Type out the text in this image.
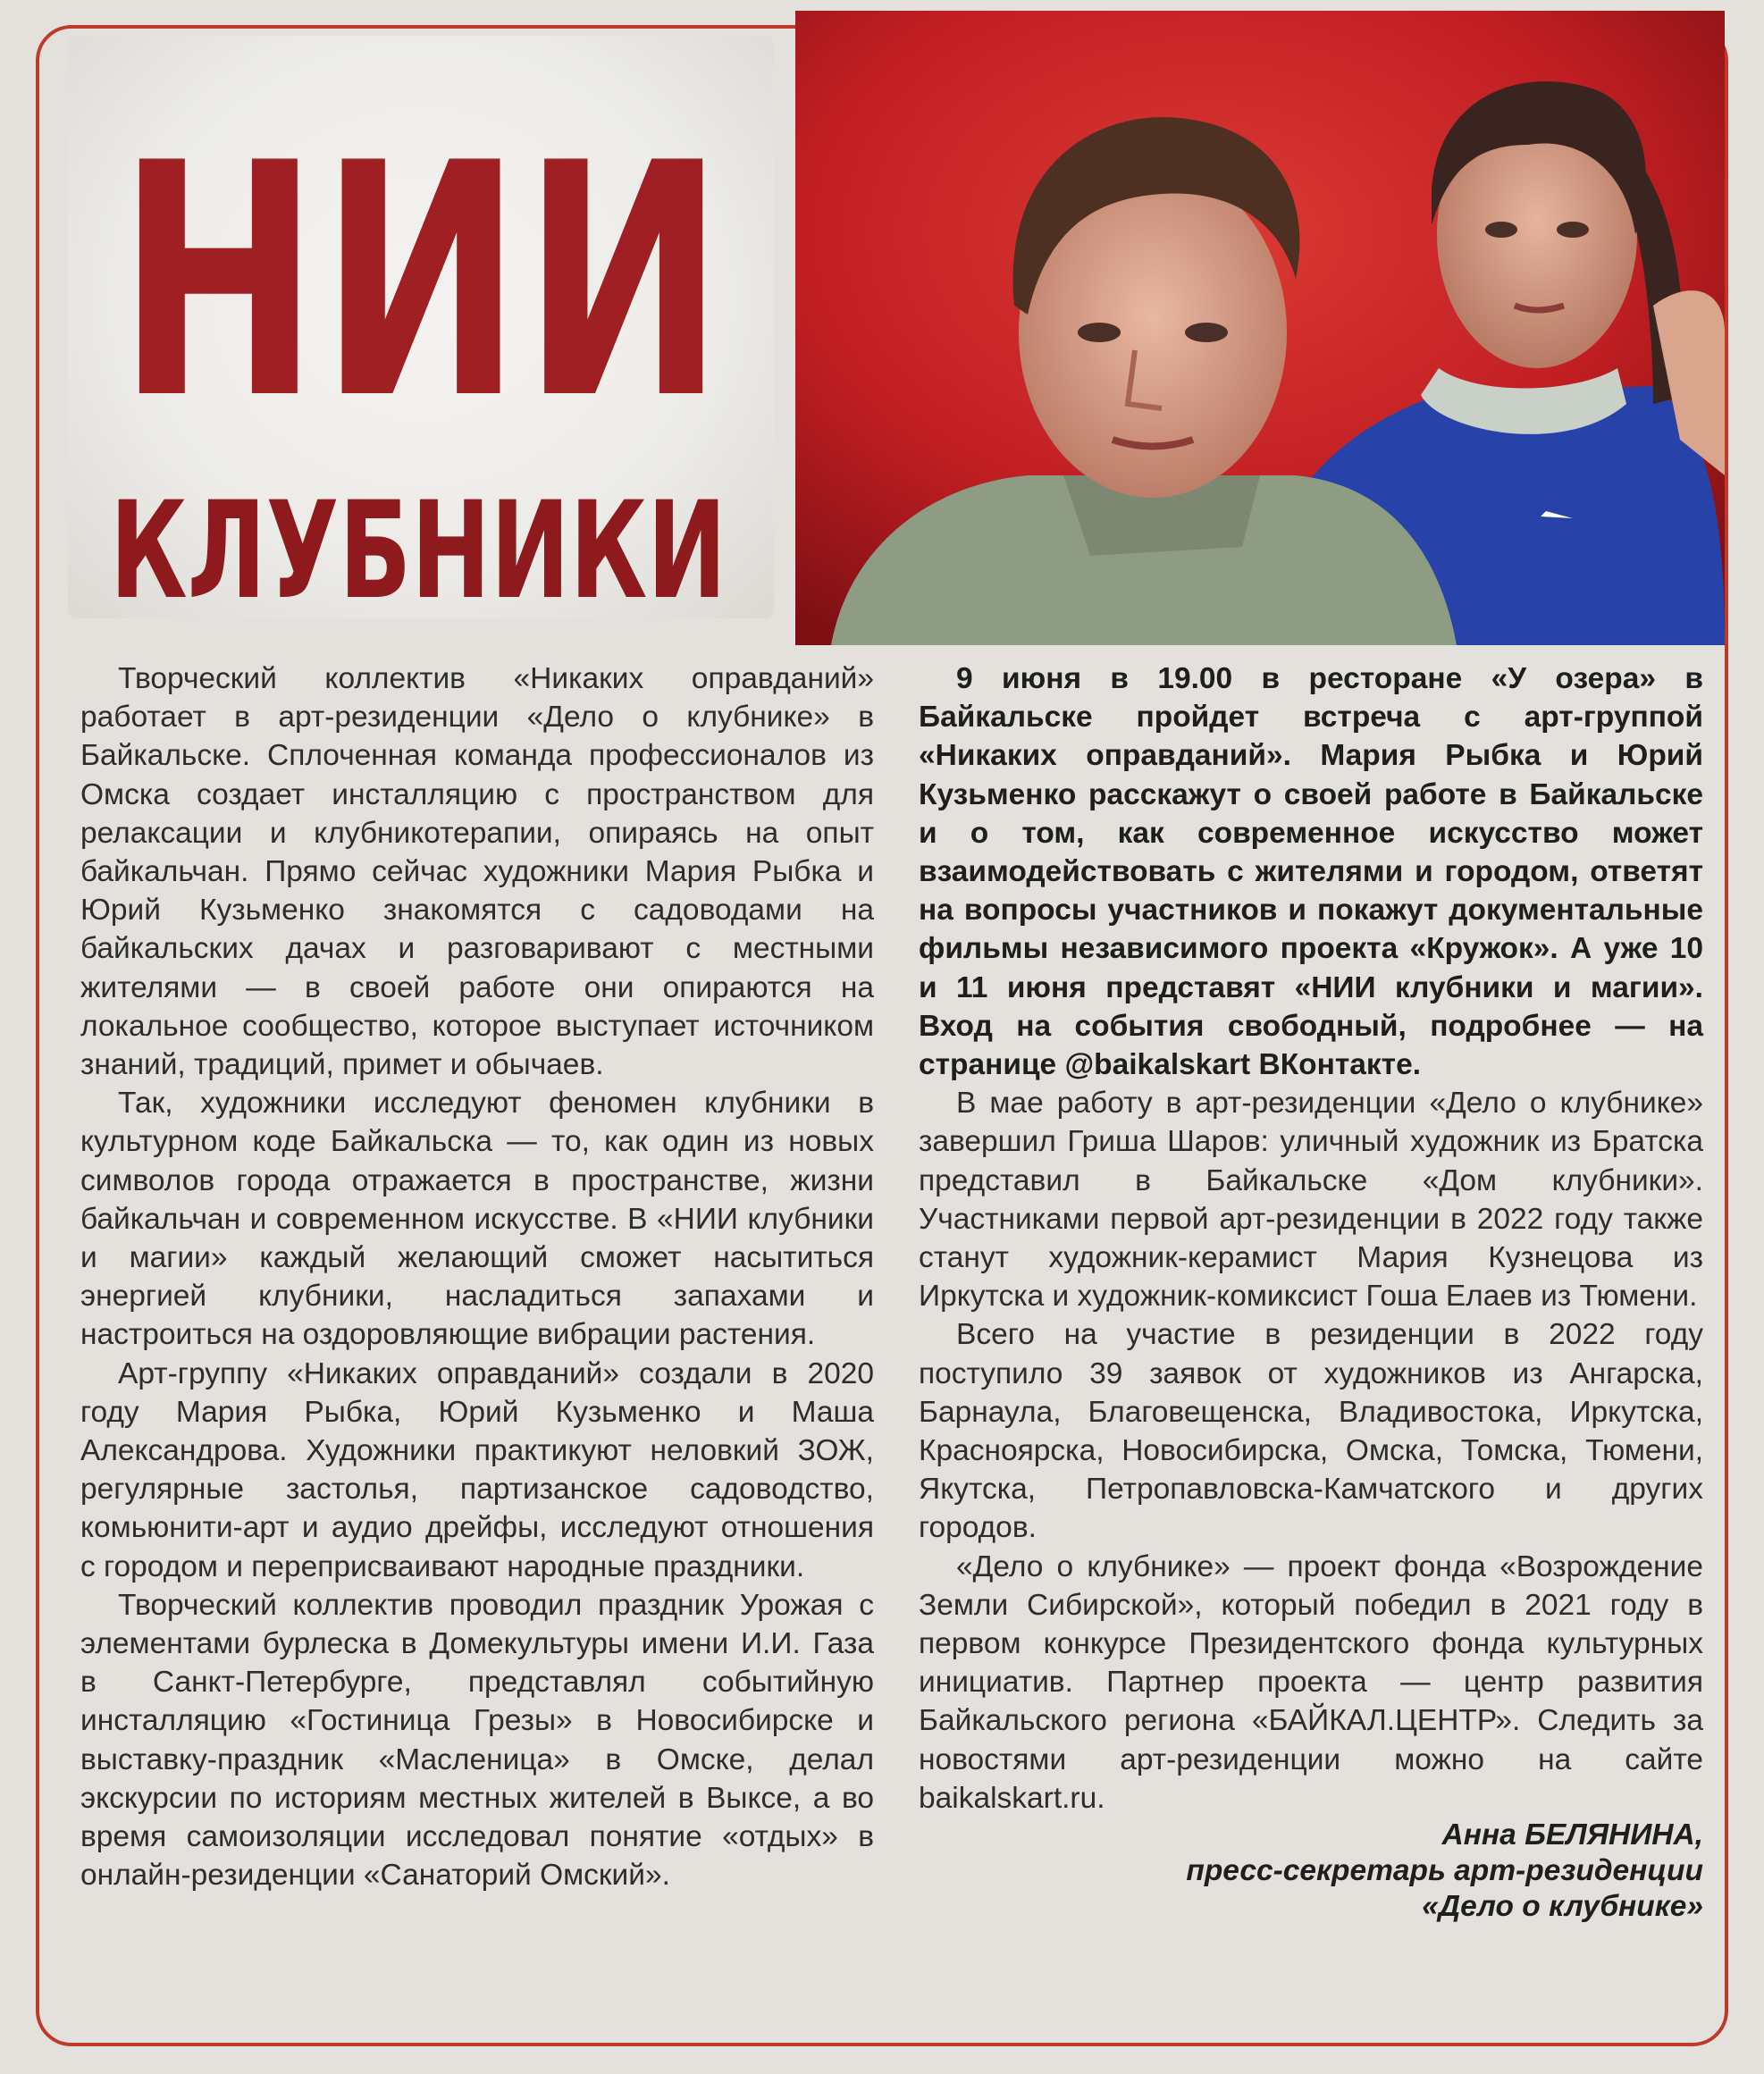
НИИ
КЛУБНИКИ

Творческий коллектив «Никаких оправданий» работает в арт-резиденции «Дело о клубнике» в Байкальске. Сплоченная команда профессионалов из Омска создает инсталляцию с пространством для релаксации и клубникотерапии, опираясь на опыт байкальчан. Прямо сейчас художники Мария Рыбка и Юрий Кузьменко знакомятся с садоводами на байкальских дачах и разговаривают с местными жителями — в своей работе они опираются на локальное сообщество, которое выступает источником знаний, традиций, примет и обычаев.

Так, художники исследуют феномен клубники в культурном коде Байкальска — то, как один из новых символов города отражается в пространстве, жизни байкальчан и современном искусстве. В «НИИ клубники и магии» каждый желающий сможет насытиться энергией клубники, насладиться запахами и настроиться на оздоровляющие вибрации растения.

Арт-группу «Никаких оправданий» создали в 2020 году Мария Рыбка, Юрий Кузьменко и Маша Александрова. Художники практикуют неловкий ЗОЖ, регулярные застолья, партизанское садоводство, комьюнити-арт и аудио дрейфы, исследуют отношения с городом и переприсваивают народные праздники.

Творческий коллектив проводил праздник Урожая с элементами бурлеска в Домекультуры имени И.И. Газа в Санкт-Петербурге, представлял событийную инсталляцию «Гостиница Грезы» в Новосибирске и выставку-праздник «Масленица» в Омске, делал экскурсии по историям местных жителей в Выксе, а во время самоизоляции исследовал понятие «отдых» в онлайн-резиденции «Санаторий Омский».

9 июня в 19.00 в ресторане «У озера» в Байкальске пройдет встреча с арт-группой «Никаких оправданий». Мария Рыбка и Юрий Кузьменко расскажут о своей работе в Байкальске и о том, как современное искусство может взаимодействовать с жителями и городом, ответят на вопросы участников и покажут документальные фильмы независимого проекта «Кружок». А уже 10 и 11 июня представят «НИИ клубники и магии». Вход на события свободный, подробнее — на странице @baikalskart ВКонтакте.

В мае работу в арт-резиденции «Дело о клубнике» завершил Гриша Шаров: уличный художник из Братска представил в Байкальске «Дом клубники». Участниками первой арт-резиденции в 2022 году также станут художник-керамист Мария Кузнецова из Иркутска и художник-комиксист Гоша Елаев из Тюмени.

Всего на участие в резиденции в 2022 году поступило 39 заявок от художников из Ангарска, Барнаула, Благовещенска, Владивостока, Иркутска, Красноярска, Новосибирска, Омска, Томска, Тюмени, Якутска, Петропавловска-Камчатского и других городов.

«Дело о клубнике» — проект фонда «Возрождение Земли Сибирской», который победил в 2021 году в первом конкурсе Президентского фонда культурных инициатив. Партнер проекта — центр развития Байкальского региона «БАЙКАЛ.ЦЕНТР». Следить за новостями арт-резиденции можно на сайте baikalskart.ru.

Анна БЕЛЯНИНА,
пресс-секретарь арт-резиденции
«Дело о клубнике»
